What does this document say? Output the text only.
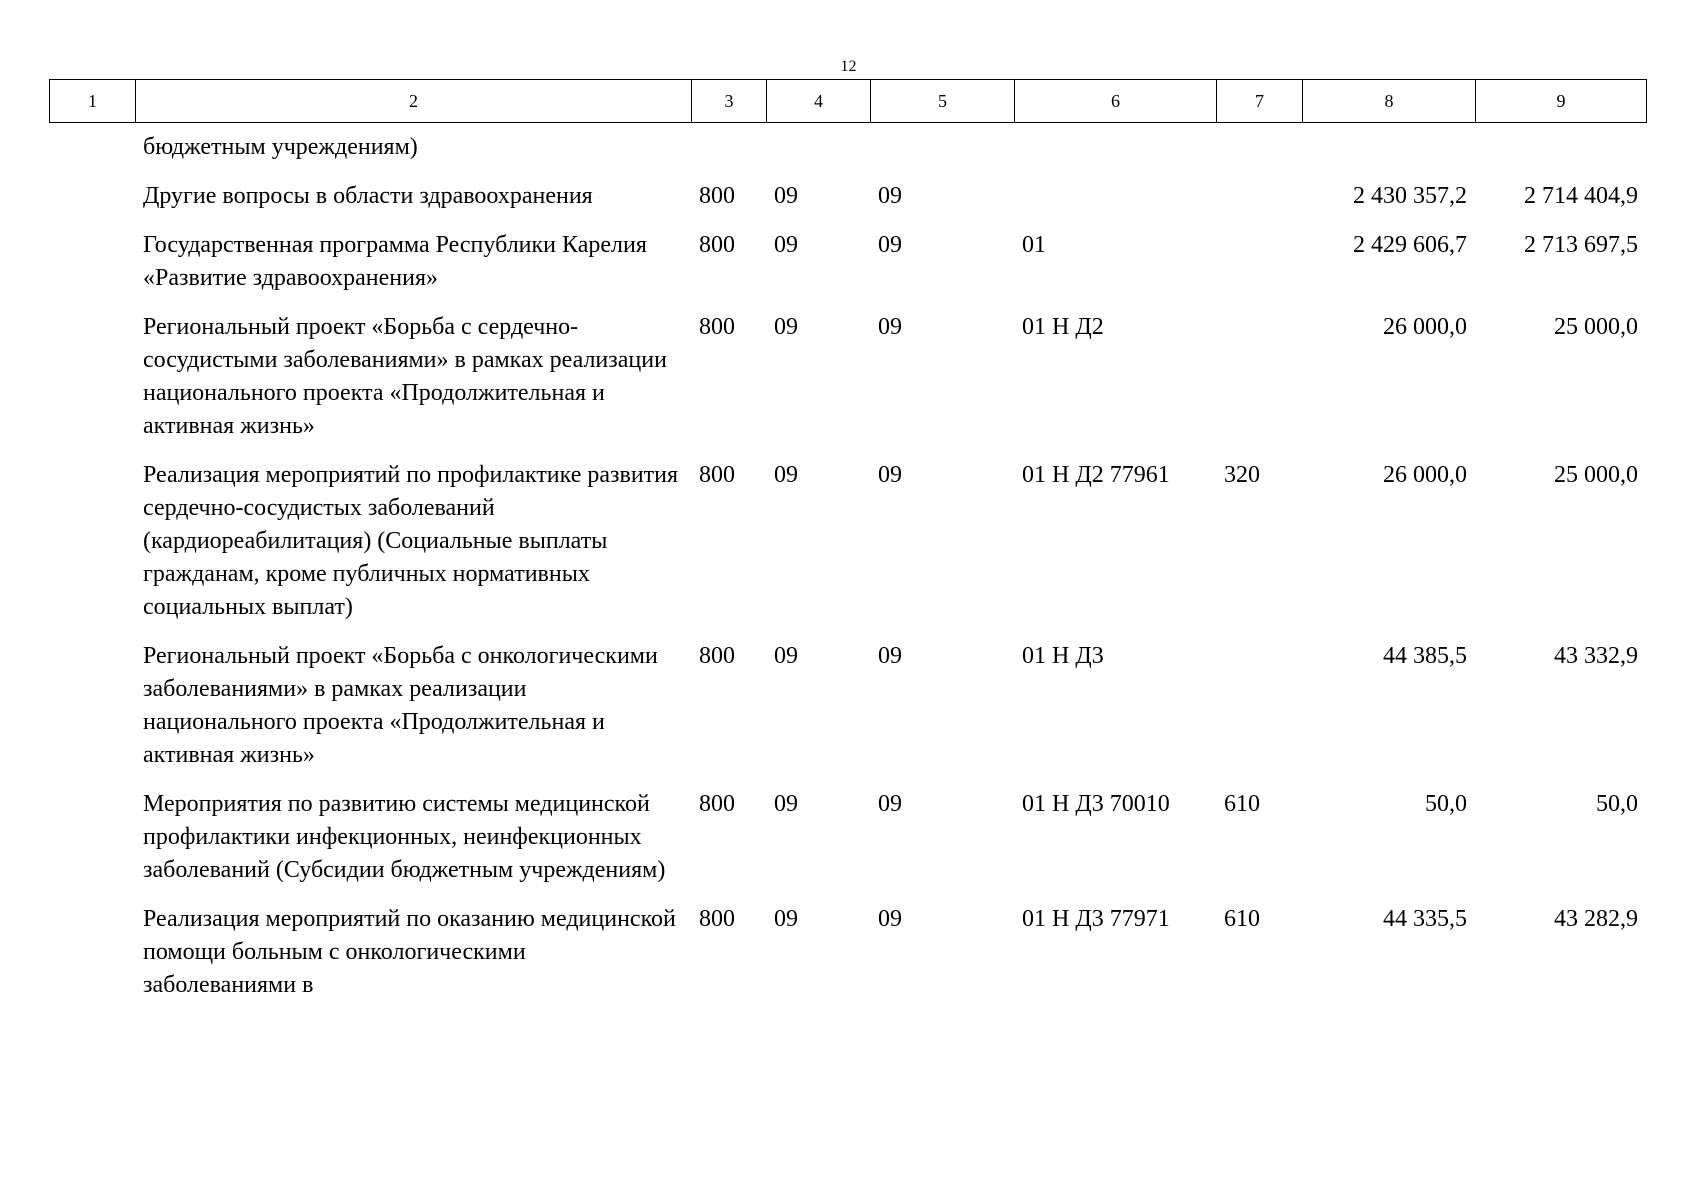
12
1	2	3	4	5	6	7	8	9
	бюджетным учреждениям)							
	Другие вопросы в области здравоохранения	800	09	09			2 430 357,2	2 714 404,9
	Государственная программа Республики Карелия «Развитие здравоохранения»	800	09	09	01		2 429 606,7	2 713 697,5
	Региональный проект «Борьба с сердечно-сосудистыми заболеваниями» в рамках реализации национального проекта «Продолжительная и активная жизнь»	800	09	09	01 Н Д2		26 000,0	25 000,0
	Реализация мероприятий по профилактике развития сердечно-сосудистых заболеваний (кардиореабилитация) (Социальные выплаты гражданам, кроме публичных нормативных социальных выплат)	800	09	09	01 Н Д2 77961	320	26 000,0	25 000,0
	Региональный проект «Борьба с онкологическими заболеваниями» в рамках реализации национального проекта «Продолжительная и активная жизнь»	800	09	09	01 Н Д3		44 385,5	43 332,9
	Мероприятия по развитию системы медицинской профилактики инфекционных, неинфекционных заболеваний (Субсидии бюджетным учреждениям)	800	09	09	01 Н Д3 70010	610	50,0	50,0
	Реализация мероприятий по оказанию медицинской помощи больным с онкологическими заболеваниями в	800	09	09	01 Н Д3 77971	610	44 335,5	43 282,9
